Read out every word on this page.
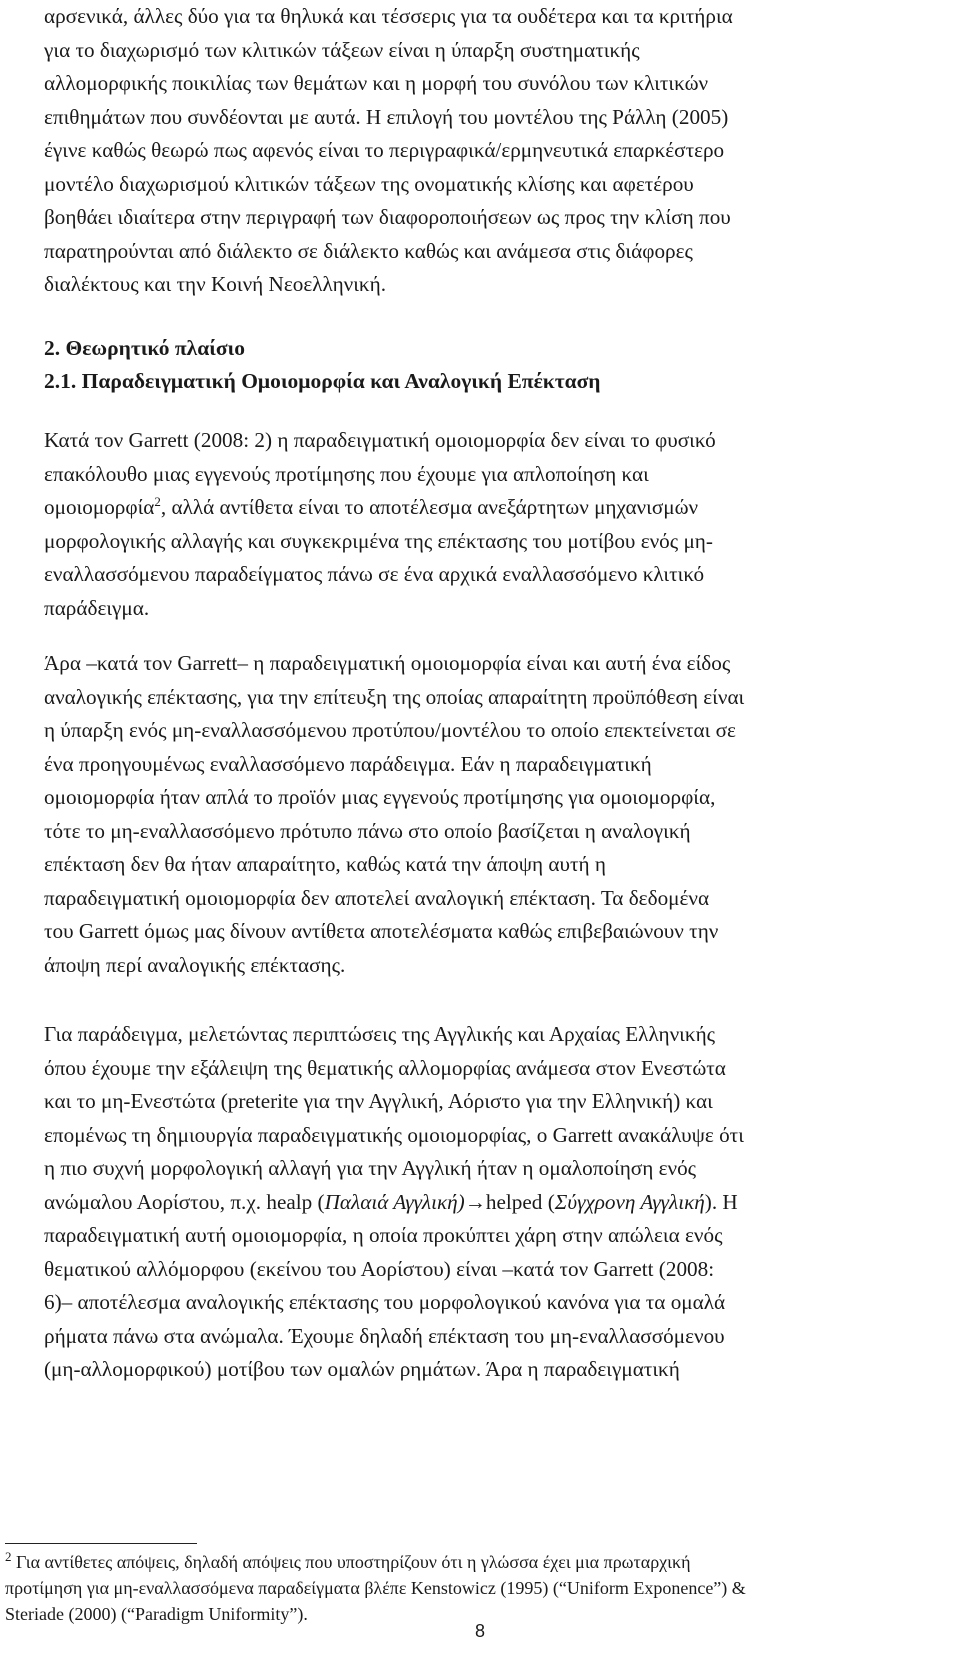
αρσενικά, άλλες δύο για τα θηλυκά και τέσσερις για τα ουδέτερα και τα κριτήρια
για το διαχωρισμό των κλιτικών τάξεων είναι η ύπαρξη συστηματικής
αλλομορφικής ποικιλίας των θεμάτων και η μορφή του συνόλου των κλιτικών
επιθημάτων που συνδέονται με αυτά. Η επιλογή του μοντέλου της Ράλλη (2005)
έγινε καθώς θεωρώ πως αφενός είναι το περιγραφικά/ερμηνευτικά επαρκέστερο
μοντέλο διαχωρισμού κλιτικών τάξεων της ονοματικής κλίσης και αφετέρου
βοηθάει ιδιαίτερα στην περιγραφή των διαφοροποιήσεων ως προς την κλίση που
παρατηρούνται από διάλεκτο σε διάλεκτο καθώς και ανάμεσα στις διάφορες
διαλέκτους και την Κοινή Νεοελληνική.
2. Θεωρητικό πλαίσιο
2.1. Παραδειγματική Ομοιομορφία και Αναλογική Επέκταση
Κατά τον Garrett (2008: 2) η παραδειγματική ομοιομορφία δεν είναι το φυσικό
επακόλουθο μιας εγγενούς προτίμησης που έχουμε για απλοποίηση και
ομοιομορφία$^2$, αλλά αντίθετα είναι το αποτέλεσμα ανεξάρτητων μηχανισμών
μορφολογικής αλλαγής και συγκεκριμένα της επέκτασης του μοτίβου ενός μη-
εναλλασσόμενου παραδείγματος πάνω σε ένα αρχικά εναλλασσόμενο κλιτικό
παράδειγμα.
Άρα –κατά τον Garrett– η παραδειγματική ομοιομορφία είναι και αυτή ένα είδος
αναλογικής επέκτασης, για την επίτευξη της οποίας απαραίτητη προϋπόθεση είναι
η ύπαρξη ενός μη-εναλλασσόμενου προτύπου/μοντέλου το οποίο επεκτείνεται σε
ένα προηγουμένως εναλλασσόμενο παράδειγμα. Εάν η παραδειγματική
ομοιομορφία ήταν απλά το προϊόν μιας εγγενούς προτίμησης για ομοιομορφία,
τότε το μη-εναλλασσόμενο πρότυπο πάνω στο οποίο βασίζεται η αναλογική
επέκταση δεν θα ήταν απαραίτητο, καθώς κατά την άποψη αυτή η
παραδειγματική ομοιομορφία δεν αποτελεί αναλογική επέκταση. Τα δεδομένα
του Garrett όμως μας δίνουν αντίθετα αποτελέσματα καθώς επιβεβαιώνουν την
άποψη περί αναλογικής επέκτασης.
Για παράδειγμα, μελετώντας περιπτώσεις της Αγγλικής και Αρχαίας Ελληνικής
όπου έχουμε την εξάλειψη της θεματικής αλλομορφίας ανάμεσα στον Ενεστώτα
και το μη-Ενεστώτα (preterite για την Αγγλική, Αόριστο για την Ελληνική) και
επομένως τη δημιουργία παραδειγματικής ομοιομορφίας, ο Garrett ανακάλυψε ότι
η πιο συχνή μορφολογική αλλαγή για την Αγγλική ήταν η ομαλοποίηση ενός
ανώμαλου Αορίστου, π.χ. healp (Παλαιά Αγγλική)→helped (Σύγχρονη Αγγλική). Η
παραδειγματική αυτή ομοιομορφία, η οποία προκύπτει χάρη στην απώλεια ενός
θεματικού αλλόμορφου (εκείνου του Αορίστου) είναι –κατά τον Garrett (2008:
6)– αποτέλεσμα αναλογικής επέκτασης του μορφολογικού κανόνα για τα ομαλά
ρήματα πάνω στα ανώμαλα. Έχουμε δηλαδή επέκταση του μη-εναλλασσόμενου
(μη-αλλομορφικού) μοτίβου των ομαλών ρημάτων. Άρα η παραδειγματική
$^2$ Για αντίθετες απόψεις, δηλαδή απόψεις που υποστηρίζουν ότι η γλώσσα έχει μια πρωταρχική
προτίμηση για μη-εναλλασσόμενα παραδείγματα βλέπε Kenstowicz (1995) (“Uniform Exponence”) &
Steriade (2000) (“Paradigm Uniformity”).
8
